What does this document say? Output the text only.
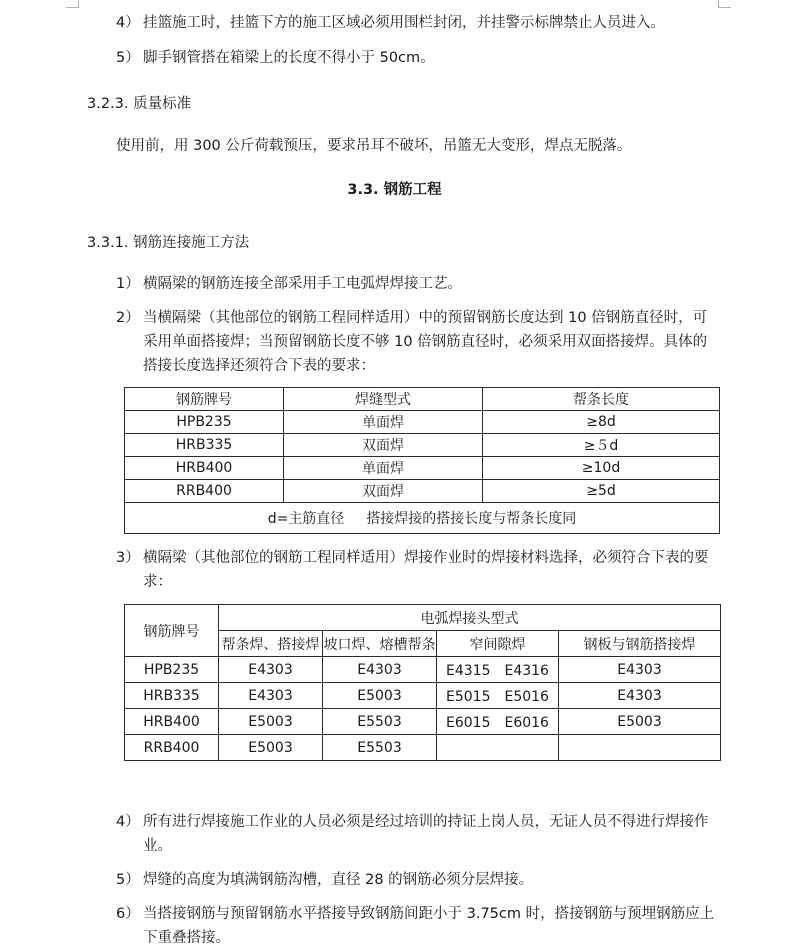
4） 挂篮施工时，挂篮下方的施工区域必须用围栏封闭，并挂警示标牌禁止人员进入。
5） 脚手钢管搭在箱梁上的长度不得小于 50cm。
3.2.3. 质量标准
使用前，用 300 公斤荷载预压，要求吊耳不破坏，吊篮无大变形，焊点无脱落。
3.3. 钢筋工程
3.3.1. 钢筋连接施工方法
1） 横隔梁的钢筋连接全部采用手工电弧焊焊接工艺。
2） 当横隔梁（其他部位的钢筋工程同样适用）中的预留钢筋长度达到 10 倍钢筋直径时，可采用单面搭接焊；当预留钢筋长度不够 10 倍钢筋直径时，必须采用双面搭接焊。具体的搭接长度选择还须符合下表的要求：
钢筋牌号	焊缝型式	帮条长度
HPB235	单面焊	≥8d
HRB335	双面焊	≥５d
HRB400	单面焊	≥10d
RRB400	双面焊	≥5d
d=主筋直径 搭接焊接的搭接长度与帮条长度同		
3） 横隔梁（其他部位的钢筋工程同样适用）焊接作业时的焊接材料选择，必须符合下表的要求：
钢筋牌号	电弧焊接头型式			
	帮条焊、搭接焊	坡口焊、熔槽帮条	窄间隙焊	钢板与钢筋搭接焊
HPB235	E4303	E4303	E4315　E4316	E4303
HRB335	E4303	E5003	E5015　E5016	E4303
HRB400	E5003	E5503	E6015　E6016	E5003
RRB400	E5003	E5503		
4） 所有进行焊接施工作业的人员必须是经过培训的持证上岗人员，无证人员不得进行焊接作业。
5） 焊缝的高度为填满钢筋沟槽，直径 28 的钢筋必须分层焊接。
6） 当搭接钢筋与预留钢筋水平搭接导致钢筋间距小于 3.75cm 时，搭接钢筋与预埋钢筋应上下重叠搭接。
